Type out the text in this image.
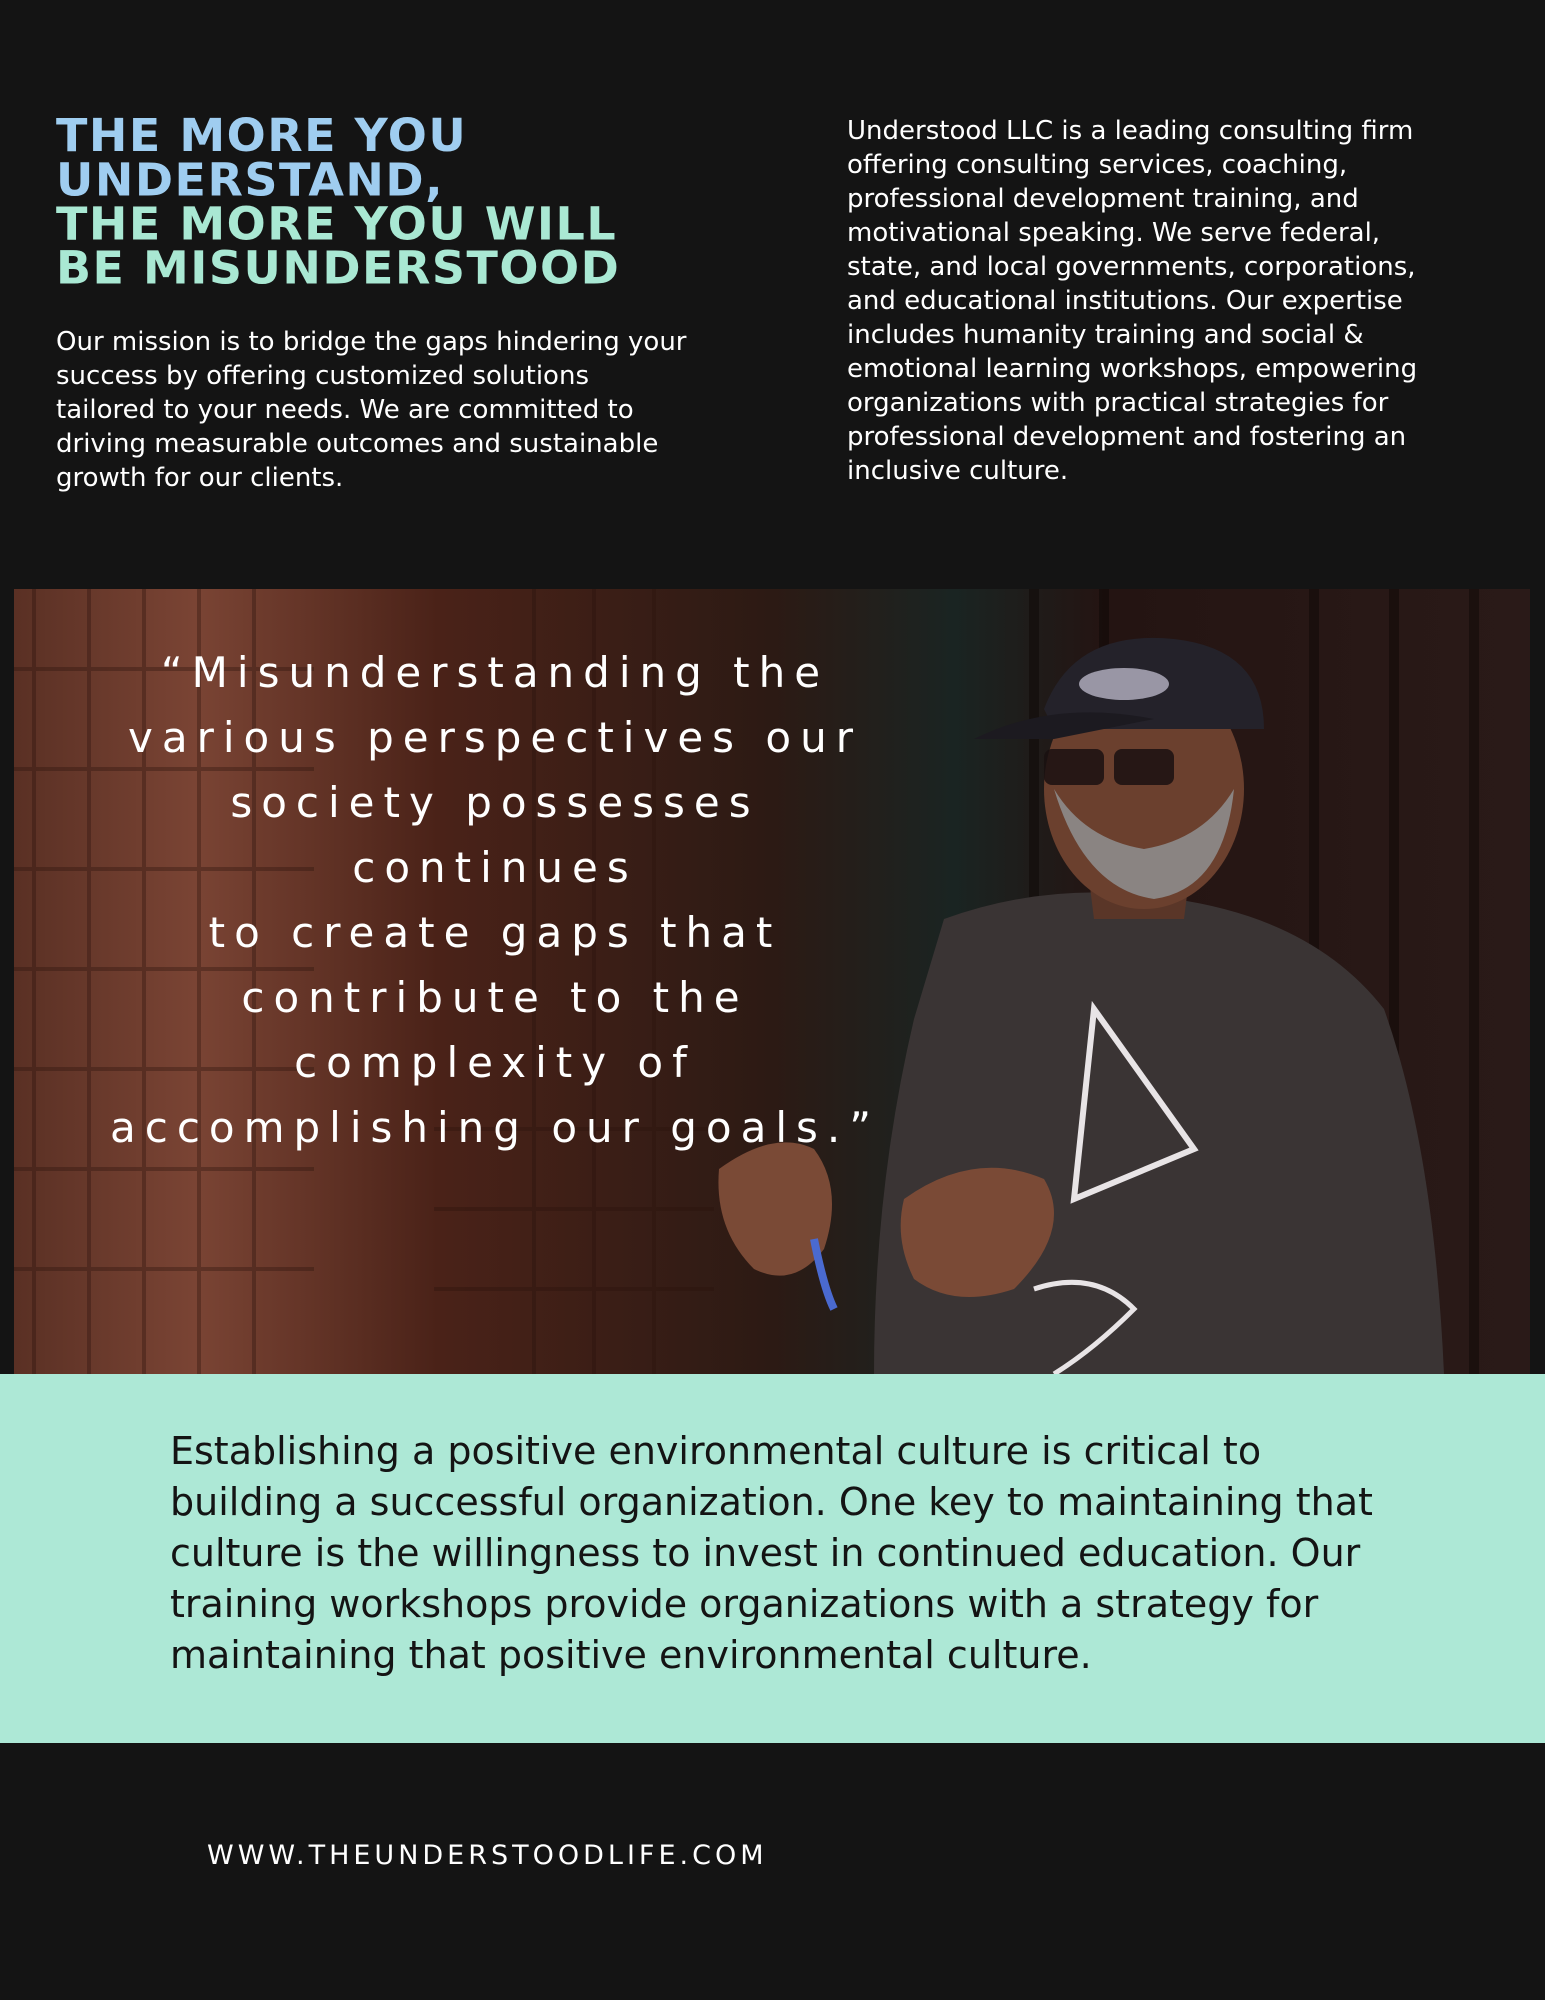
THE MORE YOU
UNDERSTAND,
THE MORE YOU WILL
BE MISUNDERSTOOD

Our mission is to bridge the gaps hindering your success by offering customized solutions tailored to your needs. We are committed to driving measurable outcomes and sustainable growth for our clients.

Understood LLC is a leading consulting firm offering consulting services, coaching, professional development training, and motivational speaking. We serve federal, state, and local governments, corporations, and educational institutions. Our expertise includes humanity training and social & emotional learning workshops, empowering organizations with practical strategies for professional development and fostering an inclusive culture.

“Misunderstanding the
various perspectives our
society possesses continues
to create gaps that
contribute to the
complexity of
accomplishing our goals.”

Establishing a positive environmental culture is critical to building a successful organization. One key to maintaining that culture is the willingness to invest in continued education. Our training workshops provide organizations with a strategy for maintaining that positive environmental culture.

WWW.THEUNDERSTOODLIFE.COM
